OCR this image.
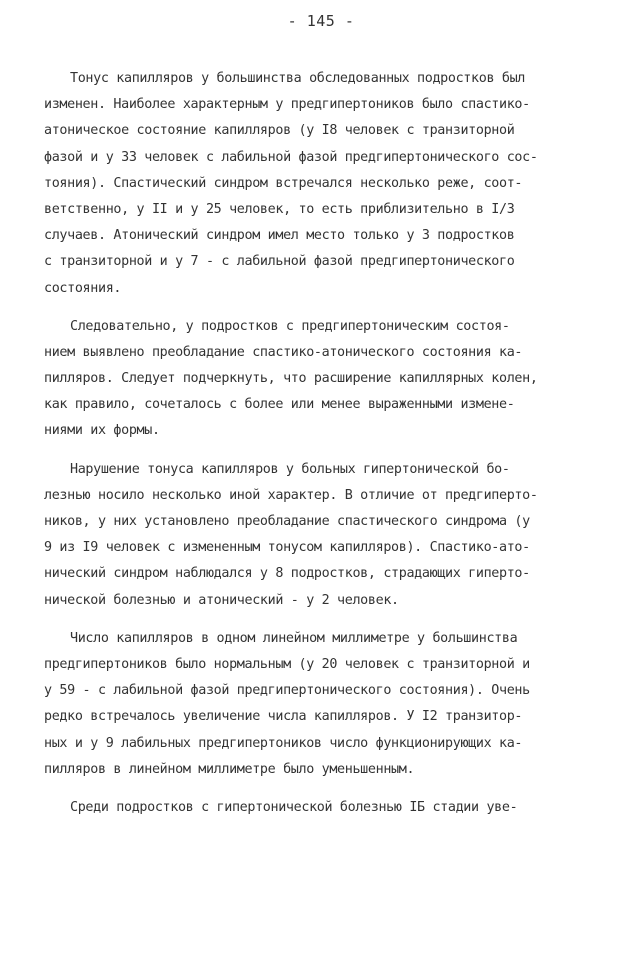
- 145 -
Тонус капилляров у большинства обследованных подростков был
изменен. Наиболее характерным у предгипертоников было спастико-
атоническое состояние капилляров (у I8 человек с транзиторной
фазой и у 33 человек с лабильной фазой предгипертонического сос-
тояния). Спастический синдром встречался несколько реже, соот-
ветственно, у II и у 25 человек, то есть приблизительно в I/3
случаев. Атонический синдром имел место только у 3 подростков
с транзиторной и у 7 - с лабильной фазой предгипертонического
состояния.
Следовательно, у подростков с предгипертоническим состоя-
нием выявлено преобладание спастико-атонического состояния ка-
пилляров. Следует подчеркнуть, что расширение капиллярных колен,
как правило, сочеталось с более или менее выраженными измене-
ниями их формы.
Нарушение тонуса капилляров у больных гипертонической бо-
лезнью носило несколько иной характер. В отличие от предгиперто-
ников, у них установлено преобладание спастического синдрома (у
9 из I9 человек с измененным тонусом капилляров). Спастико-ато-
нический синдром наблюдался у 8 подростков, страдающих гиперто-
нической болезнью и атонический - у 2 человек.
Число капилляров в одном линейном миллиметре у большинства
предгипертоников было нормальным (у 20 человек с транзиторной и
у 59 - с лабильной фазой предгипертонического состояния). Очень
редко встречалось увеличение числа капилляров. У I2 транзитор-
ных и у 9 лабильных предгипертоников число функционирующих ка-
пилляров в линейном миллиметре было уменьшенным.
Среди подростков с гипертонической болезнью IБ стадии уве-
